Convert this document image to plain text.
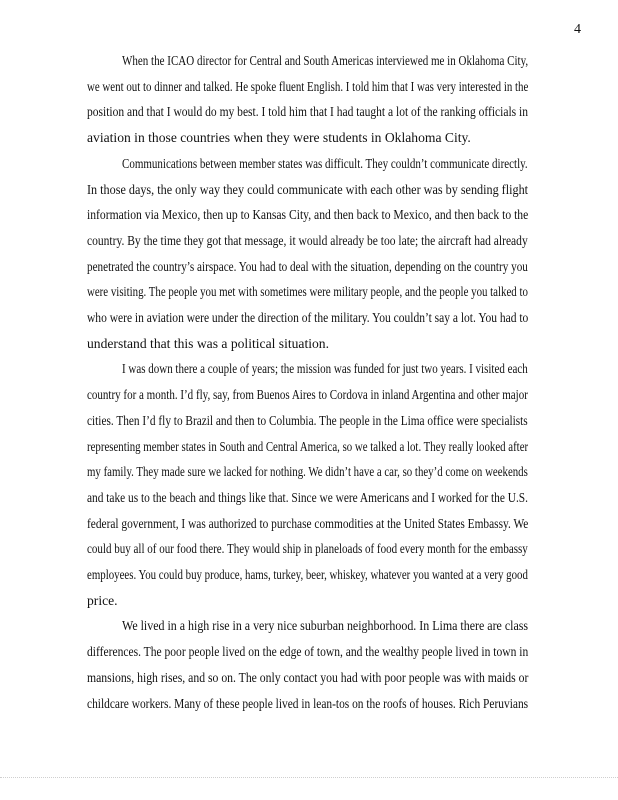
4
When the ICAO director for Central and South Americas interviewed me in Oklahoma City,
we went out to dinner and talked. He spoke fluent English. I told him that I was very interested in the
position and that I would do my best. I told him that I had taught a lot of the ranking officials in
aviation in those countries when they were students in Oklahoma City.
Communications between member states was difficult. They couldn’t communicate directly.
In those days, the only way they could communicate with each other was by sending flight
information via Mexico, then up to Kansas City, and then back to Mexico, and then back to the
country. By the time they got that message, it would already be too late; the aircraft had already
penetrated the country’s airspace. You had to deal with the situation, depending on the country you
were visiting. The people you met with sometimes were military people, and the people you talked to
who were in aviation were under the direction of the military. You couldn’t say a lot. You had to
understand that this was a political situation.
I was down there a couple of years; the mission was funded for just two years. I visited each
country for a month. I’d fly, say, from Buenos Aires to Cordova in inland Argentina and other major
cities. Then I’d fly to Brazil and then to Columbia. The people in the Lima office were specialists
representing member states in South and Central America, so we talked a lot. They really looked after
my family. They made sure we lacked for nothing. We didn’t have a car, so they’d come on weekends
and take us to the beach and things like that. Since we were Americans and I worked for the U.S.
federal government, I was authorized to purchase commodities at the United States Embassy. We
could buy all of our food there. They would ship in planeloads of food every month for the embassy
employees. You could buy produce, hams, turkey, beer, whiskey, whatever you wanted at a very good
price.
We lived in a high rise in a very nice suburban neighborhood. In Lima there are class
differences. The poor people lived on the edge of town, and the wealthy people lived in town in
mansions, high rises, and so on. The only contact you had with poor people was with maids or
childcare workers. Many of these people lived in lean-tos on the roofs of houses. Rich Peruvians
